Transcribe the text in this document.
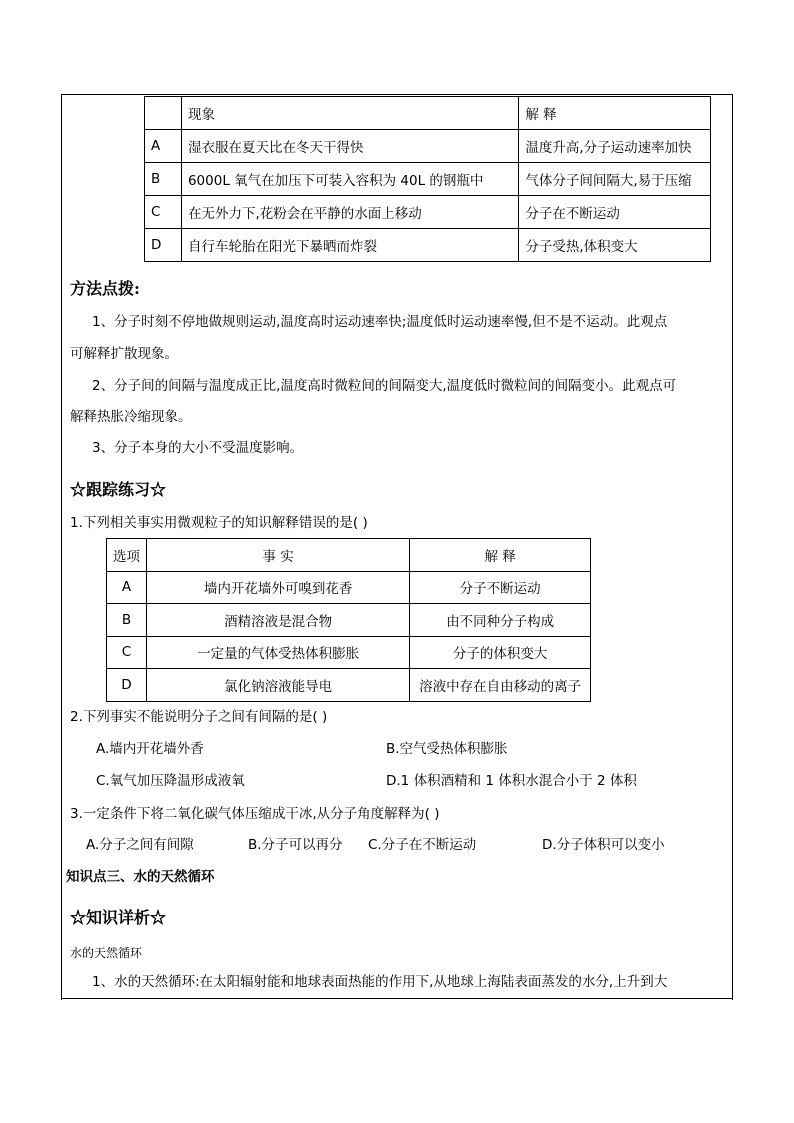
	现象	解 释
A	湿衣服在夏天比在冬天干得快	温度升高,分子运动速率加快
B	6000L 氧气在加压下可装入容积为 40L 的钢瓶中	气体分子间间隔大,易于压缩
C	在无外力下,花粉会在平静的水面上移动	分子在不断运动
D	自行车轮胎在阳光下暴晒而炸裂	分子受热,体积变大
方法点拨:
1、分子时刻不停地做规则运动,温度高时运动速率快;温度低时运动速率慢,但不是不运动。此观点
可解释扩散现象。
2、分子间的间隔与温度成正比,温度高时微粒间的间隔变大,温度低时微粒间的间隔变小。此观点可
解释热胀冷缩现象。
3、分子本身的大小不受温度影响。
☆跟踪练习☆
1.下列相关事实用微观粒子的知识解释错误的是( )
选项	事 实	解 释
A	墙内开花墙外可嗅到花香	分子不断运动
B	酒精溶液是混合物	由不同种分子构成
C	一定量的气体受热体积膨胀	分子的体积变大
D	氯化钠溶液能导电	溶液中存在自由移动的离子
2.下列事实不能说明分子之间有间隔的是( )
A.墙内开花墙外香	B.空气受热体积膨胀
C.氧气加压降温形成液氧	D.1 体积酒精和 1 体积水混合小于 2 体积
3.一定条件下将二氧化碳气体压缩成干冰,从分子角度解释为( )
A.分子之间有间隙	B.分子可以再分 C.分子在不断运动	D.分子体积可以变小
知识点三、水的天然循环
☆知识详析☆
水的天然循环
1、水的天然循环:在太阳辐射能和地球表面热能的作用下,从地球上海陆表面蒸发的水分,上升到大
